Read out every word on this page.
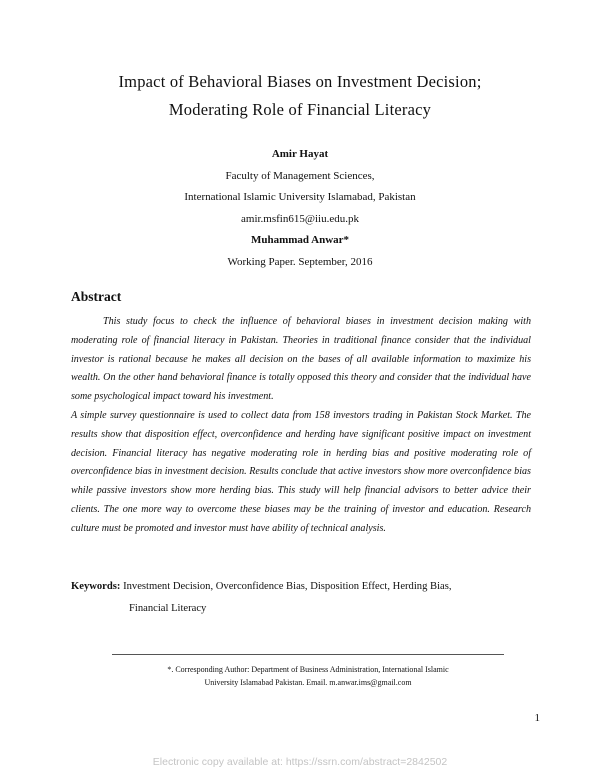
Impact of Behavioral Biases on Investment Decision;
Moderating Role of Financial Literacy
Amir Hayat
Faculty of Management Sciences,
International Islamic University Islamabad, Pakistan
amir.msfin615@iiu.edu.pk
Muhammad Anwar*
Working Paper. September, 2016
Abstract

This study focus to check the influence of behavioral biases in investment decision making with moderating role of financial literacy in Pakistan. Theories in traditional finance consider that the individual investor is rational because he makes all decision on the bases of all available information to maximize his wealth. On the other hand behavioral finance is totally opposed this theory and consider that the individual have some psychological impact toward his investment.

A simple survey questionnaire is used to collect data from 158 investors trading in Pakistan Stock Market. The results show that disposition effect, overconfidence and herding have significant positive impact on investment decision. Financial literacy has negative moderating role in herding bias and positive moderating role of overconfidence bias in investment decision. Results conclude that active investors show more overconfidence bias while passive investors show more herding bias. This study will help financial advisors to better advice their clients. The one more way to overcome these biases may be the training of investor and education. Research culture must be promoted and investor must have ability of technical analysis.

Keywords: Investment Decision, Overconfidence Bias, Disposition Effect, Herding Bias,
Financial Literacy
*. Corresponding Author: Department of Business Administration, International Islamic
University Islamabad Pakistan. Email. m.anwar.ims@gmail.com
1
Electronic copy available at: https://ssrn.com/abstract=2842502
